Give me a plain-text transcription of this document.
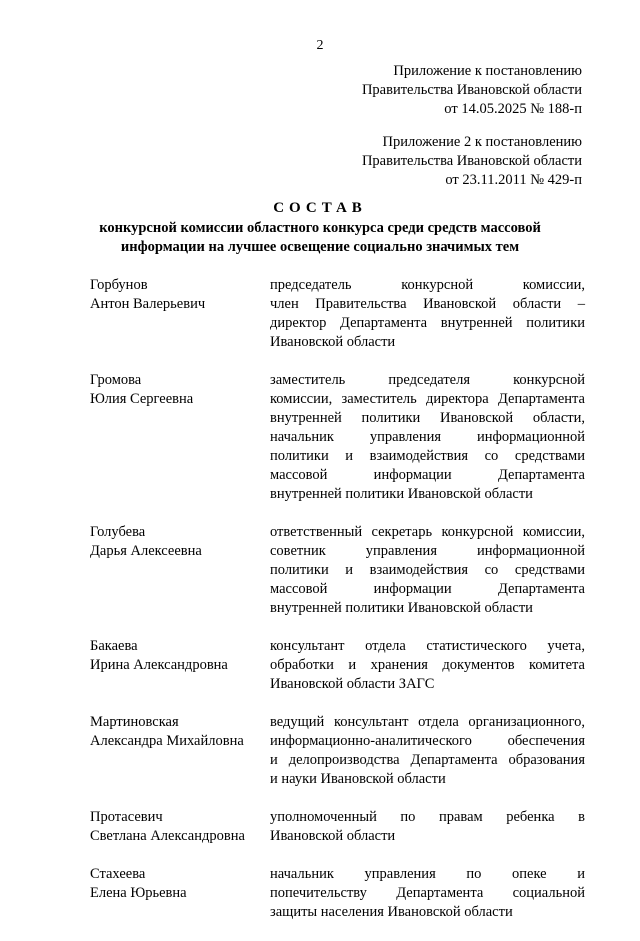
2
Приложение к постановлению
Правительства Ивановской области
от 14.05.2025 № 188-п
Приложение 2 к постановлению
Правительства Ивановской области
от 23.11.2011 № 429-п
СОСТАВ
конкурсной комиссии областного конкурса среди средств массовой
информации на лучшее освещение социально значимых тем
Горбунов
Антон Валерьевич
председатель конкурсной комиссии,
член Правительства Ивановской области –
директор Департамента внутренней политики
Ивановской области
Громова
Юлия Сергеевна
заместитель председателя конкурсной
комиссии, заместитель директора Департамента
внутренней политики Ивановской области,
начальник управления информационной
политики и взаимодействия со средствами
массовой информации Департамента
внутренней политики Ивановской области
Голубева
Дарья Алексеевна
ответственный секретарь конкурсной комиссии,
советник управления информационной
политики и взаимодействия со средствами
массовой информации Департамента
внутренней политики Ивановской области
Бакаева
Ирина Александровна
консультант отдела статистического учета,
обработки и хранения документов комитета
Ивановской области ЗАГС
Мартиновская
Александра Михайловна
ведущий консультант отдела организационного,
информационно-аналитического обеспечения
и делопроизводства Департамента образования
и науки Ивановской области
Протасевич
Светлана Александровна
уполномоченный по правам ребенка в
Ивановской области
Стахеева
Елена Юрьевна
начальник управления по опеке и
попечительству Департамента социальной
защиты населения Ивановской области
